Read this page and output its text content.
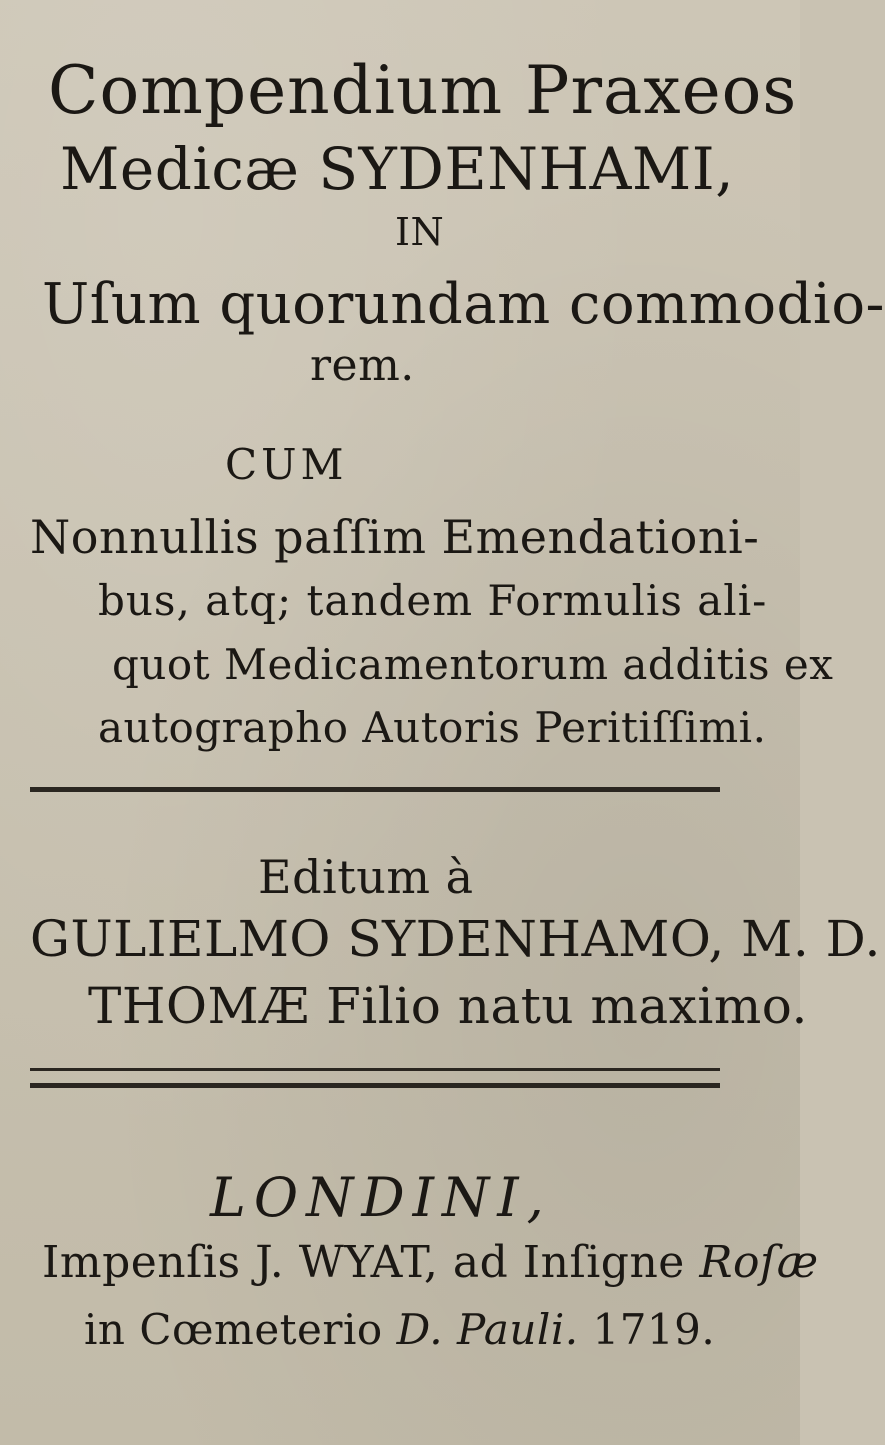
Compendium Praxeos
Medicæ SYDENHAMI,
IN
Uſum quorundam commodio-
rem.
CUM
Nonnullis paſſim Emendationi-
bus, atq; tandem Formulis ali-
quot Medicamentorum additis ex
autographo Autoris Peritiſſimi.
Editum à
GULIELMO SYDENHAMO, M. D.
THOMÆ Filio natu maximo.
LONDINI,
Impenſis J. WYAT, ad Inſigne Roſæ
in Cœmeterio D. Pauli. 1719.
